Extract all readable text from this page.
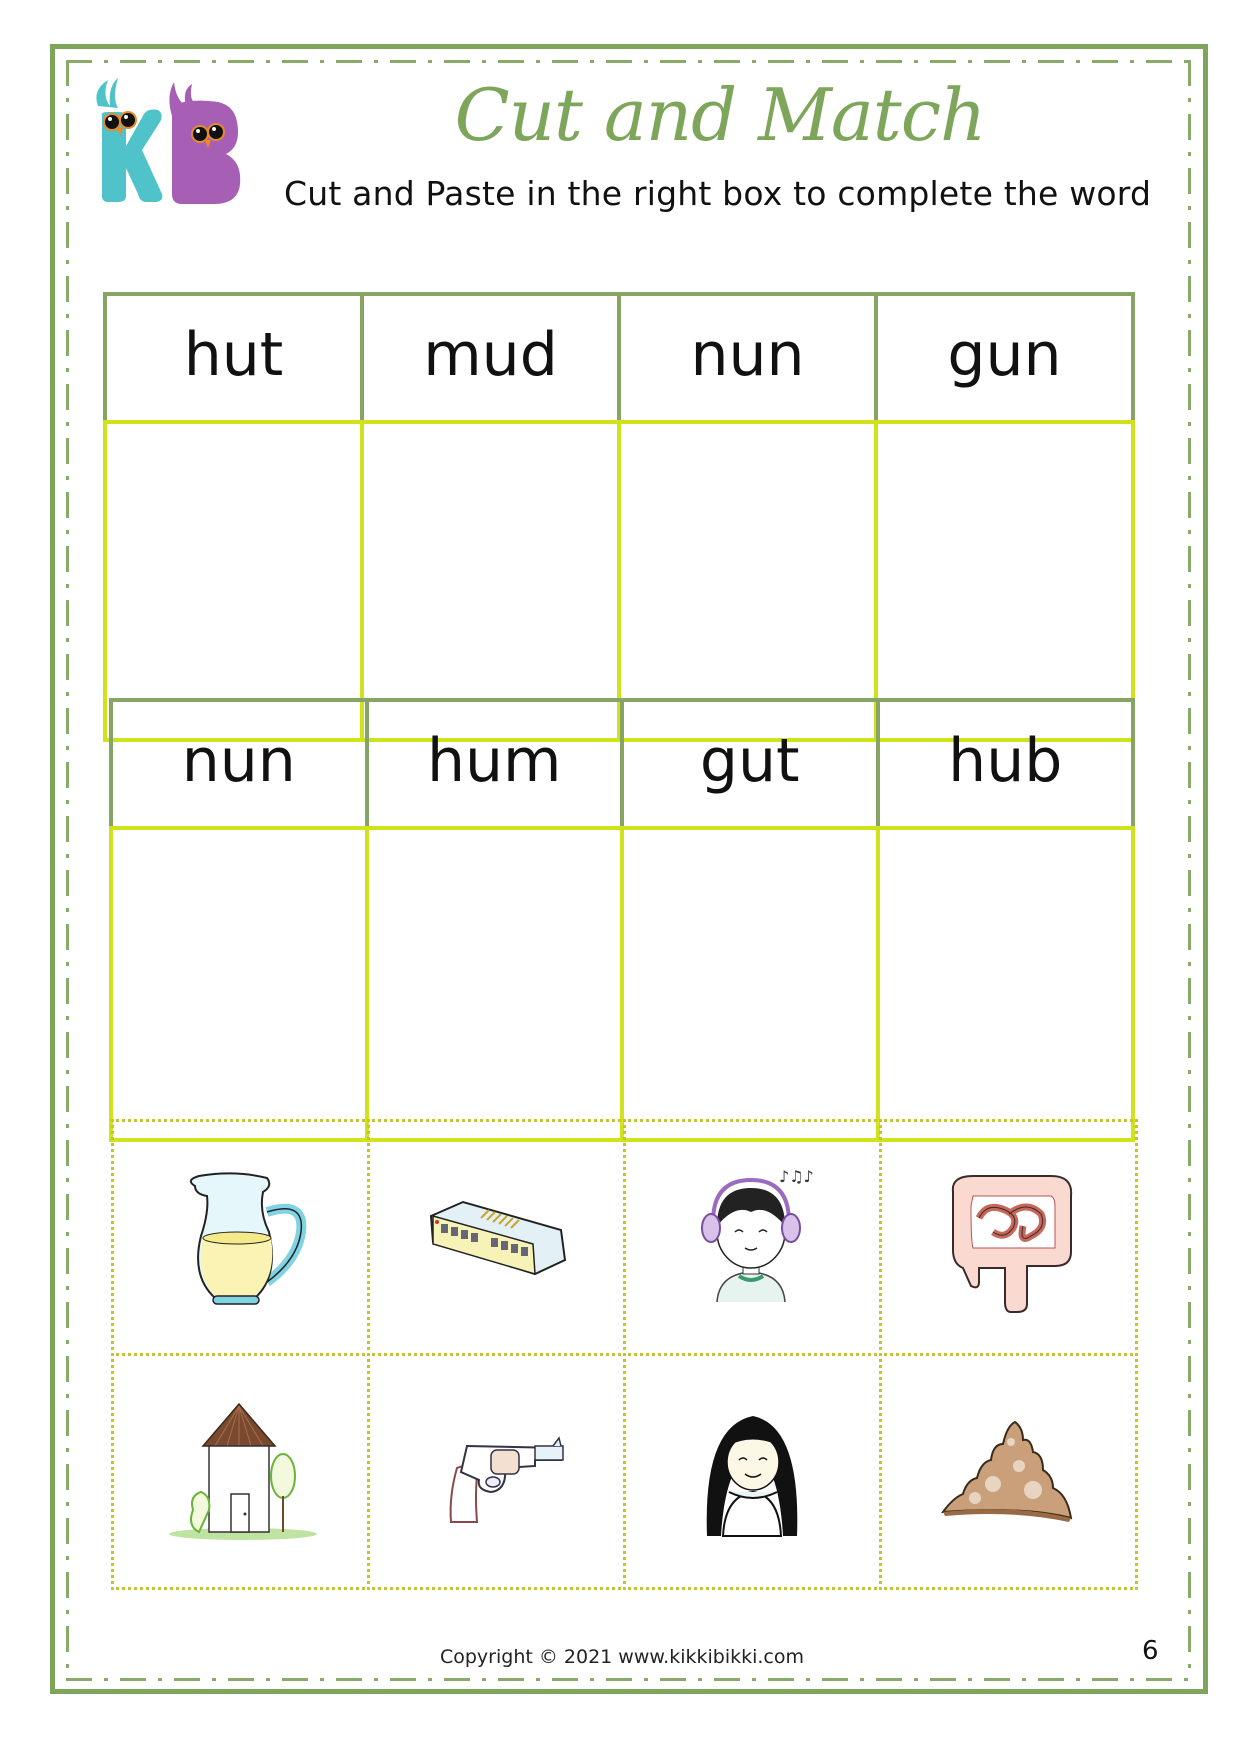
Cut and Match
Cut and Paste in the right box to complete the word
hut	mud	nun	gun
nun	hum	gut	hub
♪♫♪
Copyright © 2021 www.kikkibikki.com	6
